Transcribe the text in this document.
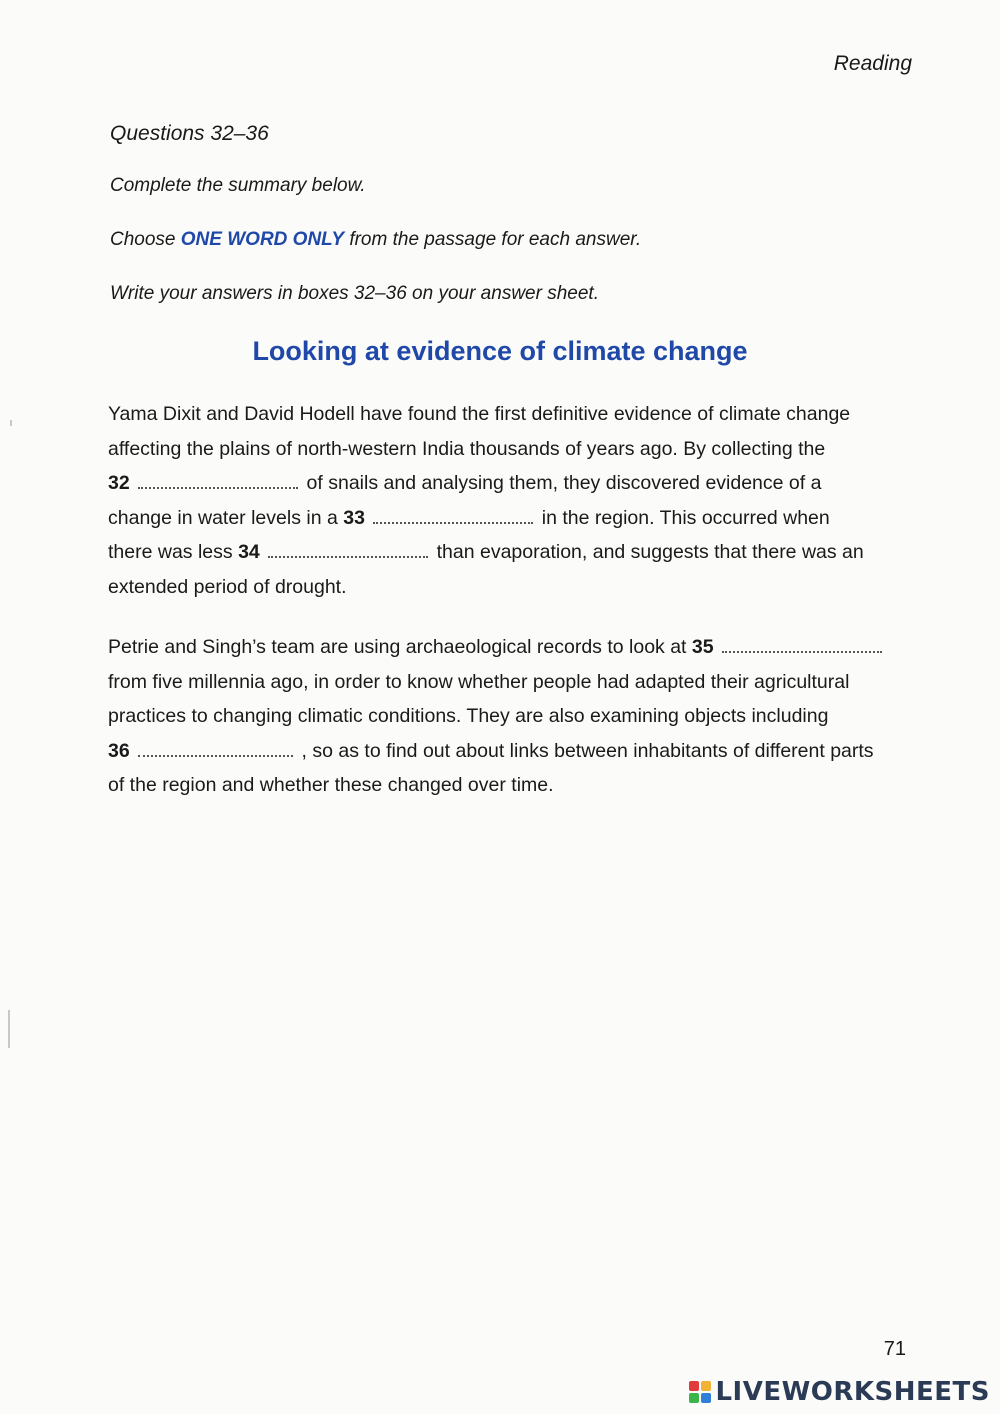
Reading

Questions 32–36

Complete the summary below.

Choose ONE WORD ONLY from the passage for each answer.

Write your answers in boxes 32–36 on your answer sheet.

Looking at evidence of climate change
Yama Dixit and David Hodell have found the first definitive evidence of climate change
affecting the plains of north-western India thousands of years ago. By collecting the
32	of snails and analysing them, they discovered evidence of a
change in water levels in a 33	in the region. This occurred when
there was less 34	than evaporation, and suggests that there was an
extended period of drought.
Petrie and Singh’s team are using archaeological records to look at 35
from five millennia ago, in order to know whether people had adapted their agricultural
practices to changing climatic conditions. They are also examining objects including
36	, so as to find out about links between inhabitants of different parts
of the region and whether these changed over time.
71
LIVEWORKSHEETS
